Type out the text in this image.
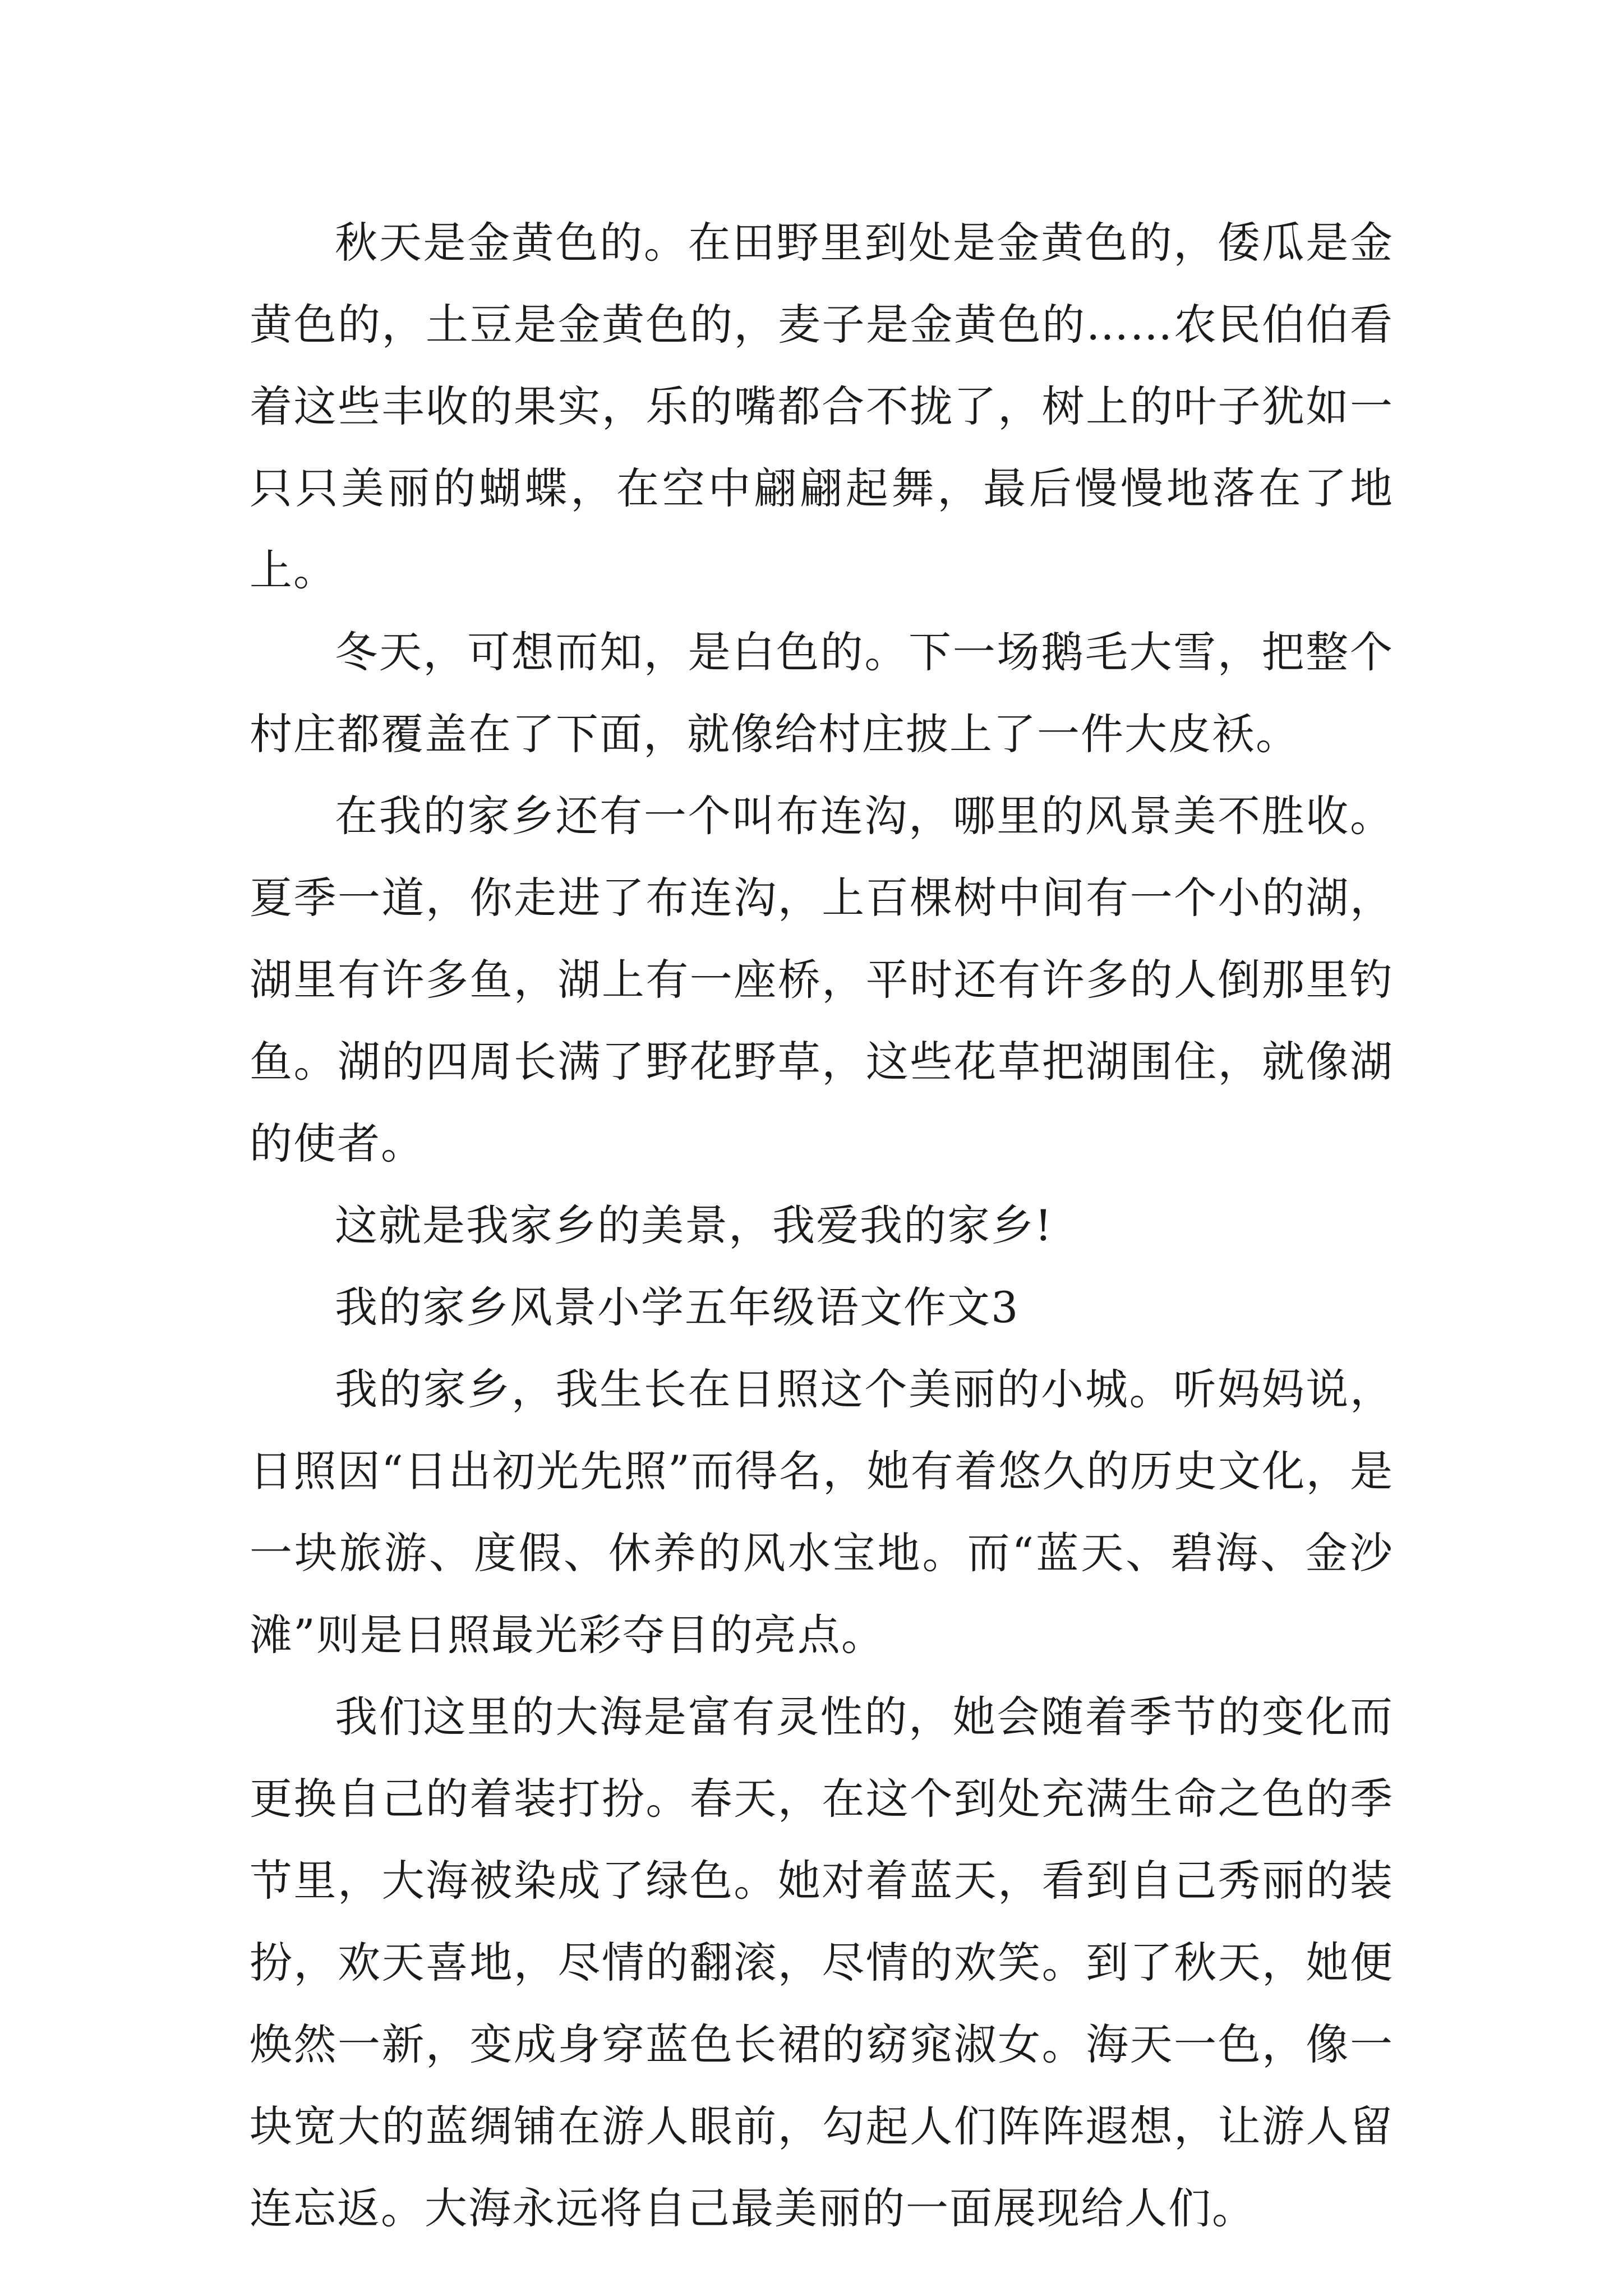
秋天是金黄色的。在田野里到处是金黄色的，倭瓜是金黄色的，土豆是金黄色的，麦子是金黄色的……农民伯伯看着这些丰收的果实，乐的嘴都合不拢了，树上的叶子犹如一只只美丽的蝴蝶，在空中翩翩起舞，最后慢慢地落在了地上。

冬天，可想而知，是白色的。下一场鹅毛大雪，把整个村庄都覆盖在了下面，就像给村庄披上了一件大皮袄。

在我的家乡还有一个叫布连沟，哪里的风景美不胜收。夏季一道，你走进了布连沟，上百棵树中间有一个小的湖，湖里有许多鱼，湖上有一座桥，平时还有许多的人倒那里钓鱼。湖的四周长满了野花野草，这些花草把湖围住，就像湖的使者。

这就是我家乡的美景，我爱我的家乡!

我的家乡风景小学五年级语文作文3

我的家乡，我生长在日照这个美丽的小城。听妈妈说，日照因“日出初光先照”而得名，她有着悠久的历史文化，是一块旅游、度假、休养的风水宝地。而“蓝天、碧海、金沙滩”则是日照最光彩夺目的亮点。

我们这里的大海是富有灵性的，她会随着季节的变化而更换自己的着装打扮。春天，在这个到处充满生命之色的季节里，大海被染成了绿色。她对着蓝天，看到自己秀丽的装扮，欢天喜地，尽情的翻滚，尽情的欢笑。到了秋天，她便焕然一新，变成身穿蓝色长裙的窈窕淑女。海天一色，像一块宽大的蓝绸铺在游人眼前，勾起人们阵阵遐想，让游人留连忘返。大海永远将自己最美丽的一面展现给人们。
